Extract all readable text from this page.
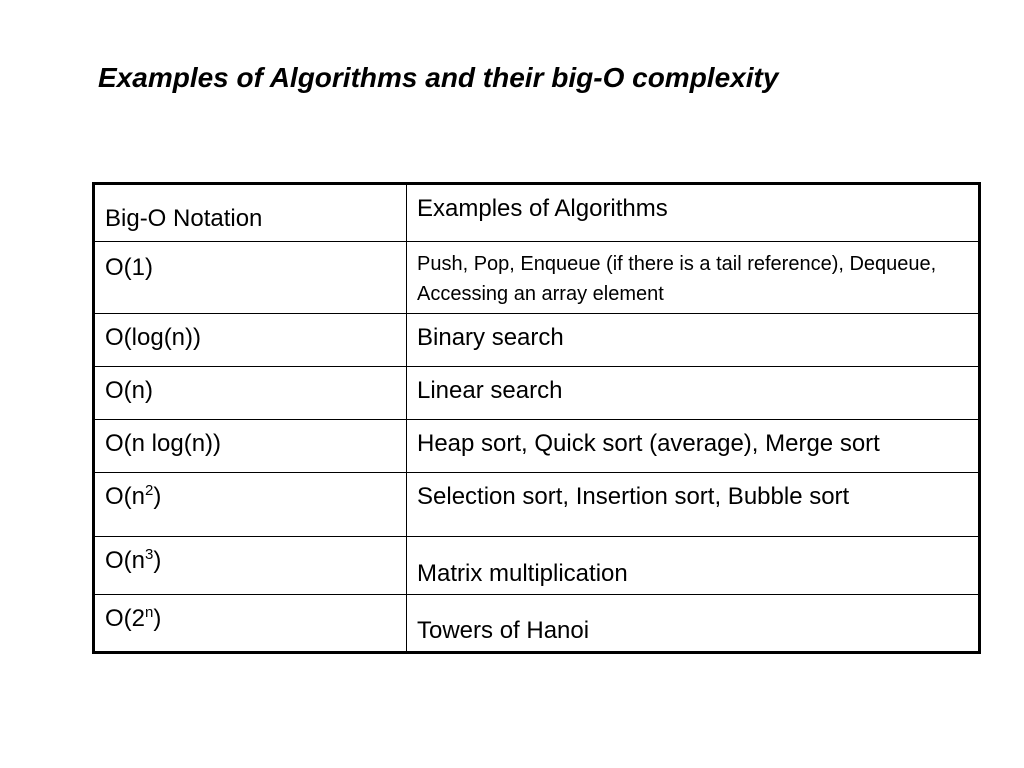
Examples of Algorithms and their big-O complexity
Big-O Notation	Examples of Algorithms

O(1)	Push, Pop, Enqueue (if there is a tail reference), Dequeue, Accessing an array element

O(log(n))	Binary search

O(n)	Linear search

O(n log(n))	Heap sort, Quick sort (average), Merge sort

$O(n^2)$	Selection sort, Insertion sort, Bubble sort

$O(n^3)$	Matrix multiplication

O(2$^n$)	Towers of Hanoi
